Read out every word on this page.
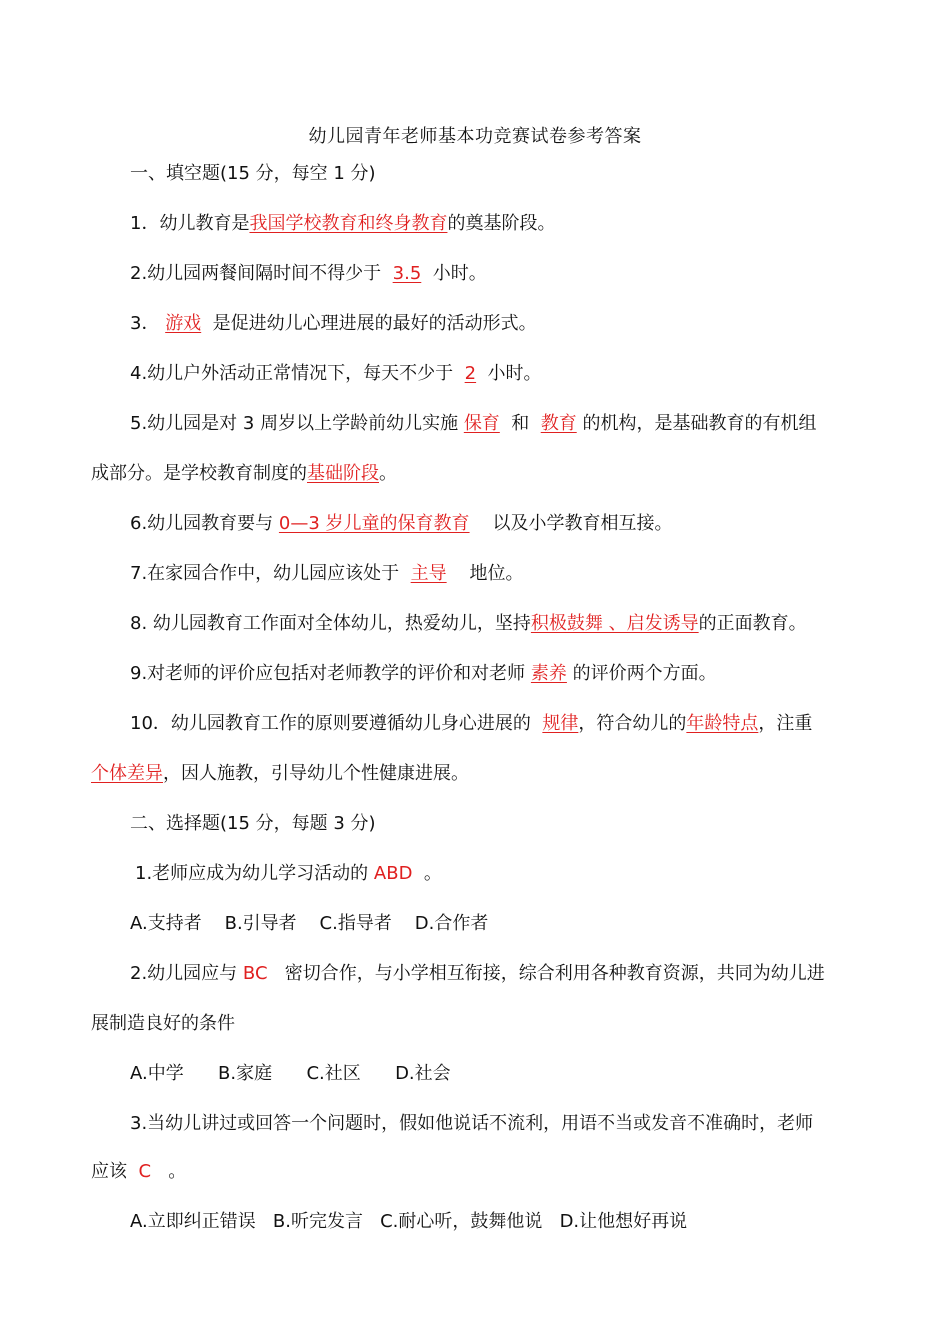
幼儿园青年老师基本功竞赛试卷参考答案
一、填空题(15 分，每空 1 分)
1．幼儿教育是我国学校教育和终身教育的奠基阶段。
2.幼儿园两餐间隔时间不得少于 3.5 小时。
3． 游戏 是促进幼儿心理进展的最好的活动形式。
4.幼儿户外活动正常情况下，每天不少于 2 小时。
5.幼儿园是对 3 周岁以上学龄前幼儿实施 保育 和 教育 的机构，是基础教育的有机组
成部分。是学校教育制度的基础阶段。
6.幼儿园教育要与 0—3 岁儿童的保育教育 以及小学教育相互接。
7.在家园合作中，幼儿园应该处于 主导 地位。
8. 幼儿园教育工作面对全体幼儿，热爱幼儿，坚持积极鼓舞 、启发诱导的正面教育。
9.对老师的评价应包括对老师教学的评价和对老师 素养 的评价两个方面。
10．幼儿园教育工作的原则要遵循幼儿身心进展的 规律，符合幼儿的年龄特点，注重
个体差异，因人施教，引导幼儿个性健康进展。
二、选择题(15 分，每题 3 分)
1.老师应成为幼儿学习活动的 ABD 。
A.支持者    B.引导者    C.指导者    D.合作者
2.幼儿园应与 BC 密切合作，与小学相互衔接，综合利用各种教育资源，共同为幼儿进
展制造良好的条件
A.中学      B.家庭      C.社区      D.社会
3.当幼儿讲过或回答一个问题时，假如他说话不流利，用语不当或发音不准确时，老师
应该 C 。
A.立即纠正错误   B.听完发言   C.耐心听，鼓舞他说   D.让他想好再说
